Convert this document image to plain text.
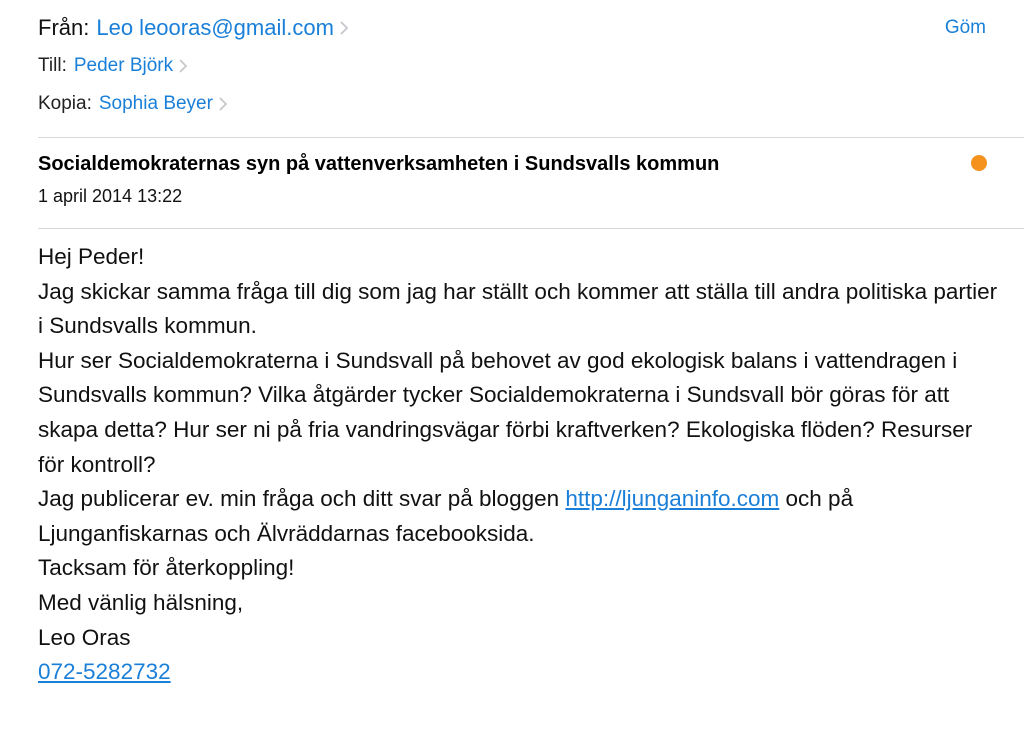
Från: Leo leooras@gmail.com	Göm
Till: Peder Björk
Kopia: Sophia Beyer
Socialdemokraternas syn på vattenverksamheten i Sundsvalls kommun
1 april 2014 13:22

Hej Peder!

Jag skickar samma fråga till dig som jag har ställt och kommer att ställa till andra politiska partier i Sundsvalls kommun.

Hur ser Socialdemokraterna i Sundsvall på behovet av god ekologisk balans i vattendragen i Sundsvalls kommun? Vilka åtgärder tycker Socialdemokraterna i Sundsvall bör göras för att skapa detta? Hur ser ni på fria vandringsvägar förbi kraftverken? Ekologiska flöden? Resurser för kontroll?

Jag publicerar ev. min fråga och ditt svar på bloggen http://ljunganinfo.com och på Ljunganfiskarnas och Älvräddarnas facebooksida.

Tacksam för återkoppling!

Med vänlig hälsning,

Leo Oras

072-5282732
